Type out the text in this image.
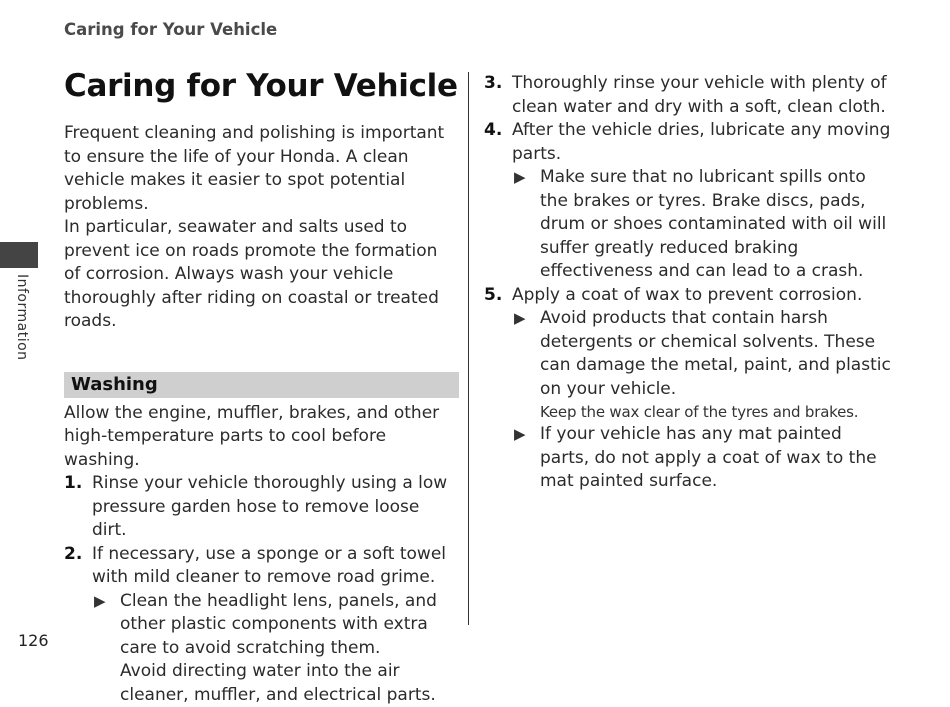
Caring for Your Vehicle
Information
Caring for Your Vehicle

Frequent cleaning and polishing is important to ensure the life of your Honda. A clean vehicle makes it easier to spot potential problems.

In particular, seawater and salts used to prevent ice on roads promote the formation of corrosion. Always wash your vehicle thoroughly after riding on coastal or treated roads.

Washing

Allow the engine, muffler, brakes, and other high-temperature parts to cool before washing.

1. Rinse your vehicle thoroughly using a low pressure garden hose to remove loose dirt.
2. If necessary, use a sponge or a soft towel with mild cleaner to remove road grime.
▶ Clean the headlight lens, panels, and other plastic components with extra care to avoid scratching them.
Avoid directing water into the air cleaner, muffler, and electrical parts.
3. Thoroughly rinse your vehicle with plenty of clean water and dry with a soft, clean cloth.
4. After the vehicle dries, lubricate any moving parts.
▶ Make sure that no lubricant spills onto the brakes or tyres. Brake discs, pads, drum or shoes contaminated with oil will suffer greatly reduced braking effectiveness and can lead to a crash.
5. Apply a coat of wax to prevent corrosion.
▶ Avoid products that contain harsh detergents or chemical solvents. These can damage the metal, paint, and plastic on your vehicle.
Keep the wax clear of the tyres and brakes.
▶ If your vehicle has any mat painted parts, do not apply a coat of wax to the mat painted surface.
126
